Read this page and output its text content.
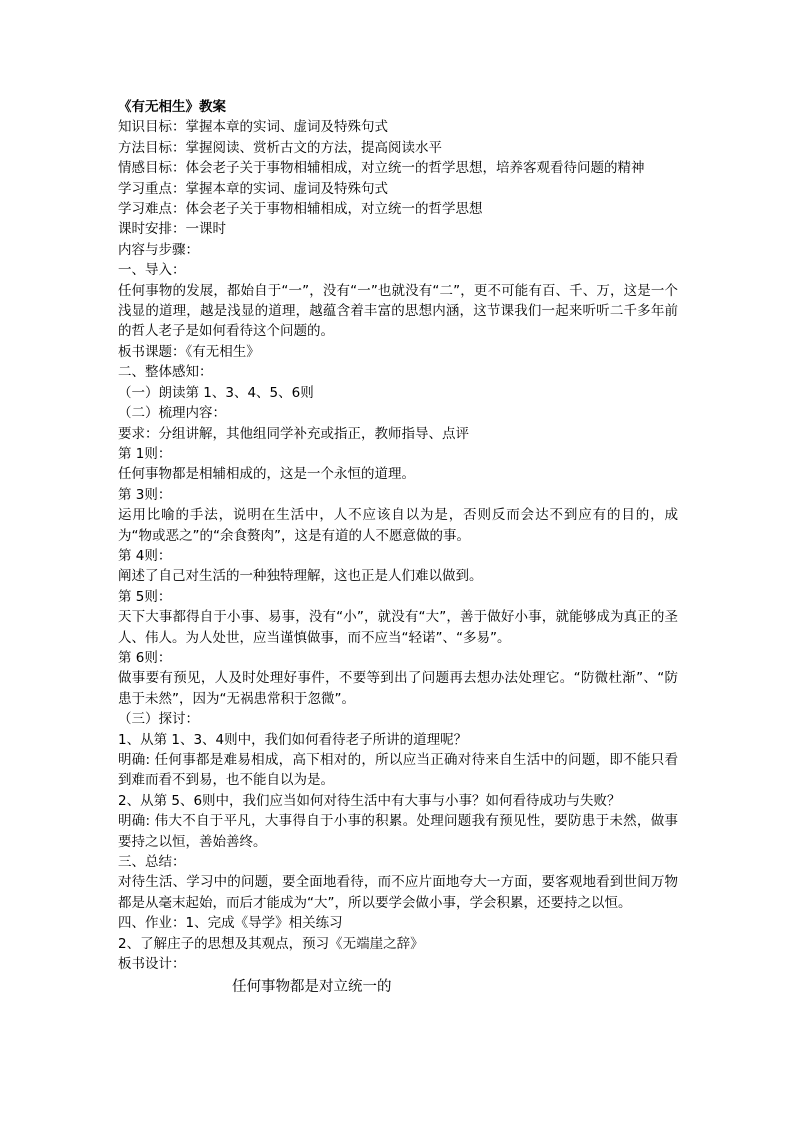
《有无相生》教案
知识目标：掌握本章的实词、虚词及特殊句式
方法目标：掌握阅读、赏析古文的方法，提高阅读水平
情感目标：体会老子关于事物相辅相成，对立统一的哲学思想，培养客观看待问题的精神
学习重点：掌握本章的实词、虚词及特殊句式
学习难点：体会老子关于事物相辅相成，对立统一的哲学思想
课时安排：一课时
内容与步骤：
一、导入：
任何事物的发展，都始自于“一”，没有“一”也就没有“二”，更不可能有百、千、万，这是一个浅显的道理，越是浅显的道理，越蕴含着丰富的思想内涵，这节课我们一起来听听二千多年前的哲人老子是如何看待这个问题的。
板书课题：《有无相生》
二、整体感知：
（一）朗读第 1、3、4、5、6则
（二）梳理内容：
要求：分组讲解，其他组同学补充或指正，教师指导、点评
第 1则：
任何事物都是相辅相成的，这是一个永恒的道理。
第 3则：
运用比喻的手法，说明在生活中，人不应该自以为是，否则反而会达不到应有的目的，成为“物或恶之”的“余食赘肉”，这是有道的人不愿意做的事。
第 4则：
阐述了自己对生活的一种独特理解，这也正是人们难以做到。
第 5则：
天下大事都得自于小事、易事，没有“小”，就没有“大”，善于做好小事，就能够成为真正的圣人、伟人。为人处世，应当谨慎做事，而不应当“轻诺”、“多易”。
第 6则：
做事要有预见，人及时处理好事件，不要等到出了问题再去想办法处理它。“防微杜渐”、“防患于未然”，因为“无祸患常积于忽微”。
（三）探讨：
1、从第 1、3、4则中，我们如何看待老子所讲的道理呢？
明确: 任何事都是难易相成，高下相对的，所以应当正确对待来自生活中的问题，即不能只看到难而看不到易，也不能自以为是。
2、从第 5、6则中，我们应当如何对待生活中有大事与小事？如何看待成功与失败？
明确: 伟大不自于平凡，大事得自于小事的积累。处理问题我有预见性，要防患于未然，做事要持之以恒，善始善终。
三、总结：
对待生活、学习中的问题，要全面地看待，而不应片面地夸大一方面，要客观地看到世间万物都是从毫末起始，而后才能成为“大”，所以要学会做小事，学会积累，还要持之以恒。
四、作业：1、完成《导学》相关练习
2、了解庄子的思想及其观点，预习《无端崖之辞》
板书设计：
任何事物都是对立统一的
